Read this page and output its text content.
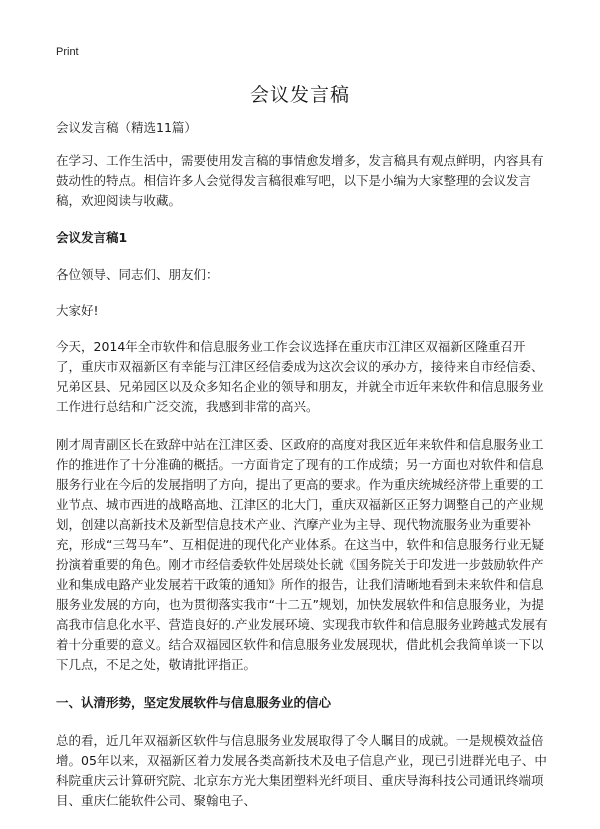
Print
会议发言稿

会议发言稿（精选11篇）

在学习、工作生活中，需要使用发言稿的事情愈发增多，发言稿具有观点鲜明，内容具有鼓动性的特点。相信许多人会觉得发言稿很难写吧，以下是小编为大家整理的会议发言稿，欢迎阅读与收藏。

会议发言稿1

各位领导、同志们、朋友们：

大家好!

今天，2014年全市软件和信息服务业工作会议选择在重庆市江津区双福新区隆重召开了，重庆市双福新区有幸能与江津区经信委成为这次会议的承办方，接待来自市经信委、兄弟区县、兄弟园区以及众多知名企业的领导和朋友，并就全市近年来软件和信息服务业工作进行总结和广泛交流，我感到非常的高兴。

刚才周青副区长在致辞中站在江津区委、区政府的高度对我区近年来软件和信息服务业工作的推进作了十分准确的概括。一方面肯定了现有的工作成绩；另一方面也对软件和信息服务行业在今后的发展指明了方向，提出了更高的要求。作为重庆统城经济带上重要的工业节点、城市西进的战略高地、江津区的北大门，重庆双福新区正努力调整自己的产业规划，创建以高新技术及新型信息技术产业、汽摩产业为主导、现代物流服务业为重要补充，形成“三驾马车”、互相促进的现代化产业体系。在这当中，软件和信息服务行业无疑扮演着重要的角色。刚才市经信委软件处居琰处长就《国务院关于印发进一步鼓励软件产业和集成电路产业发展若干政策的通知》所作的报告，让我们清晰地看到未来软件和信息服务业发展的方向，也为贯彻落实我市“十二五”规划，加快发展软件和信息服务业，为提高我市信息化水平、营造良好的.产业发展环境、实现我市软件和信息服务业跨越式发展有着十分重要的意义。结合双福园区软件和信息服务业发展现状，借此机会我简单谈一下以下几点，不足之处，敬请批评指正。

一、认清形势，坚定发展软件与信息服务业的信心

总的看，近几年双福新区软件与信息服务业发展取得了令人瞩目的成就。一是规模效益倍增。05年以来，双福新区着力发展各类高新技术及电子信息产业，现已引进群光电子、中科院重庆云计算研究院、北京东方光大集团塑料光纤项目、重庆导海科技公司通讯终端项目、重庆仁能软件公司、聚翰电子、
